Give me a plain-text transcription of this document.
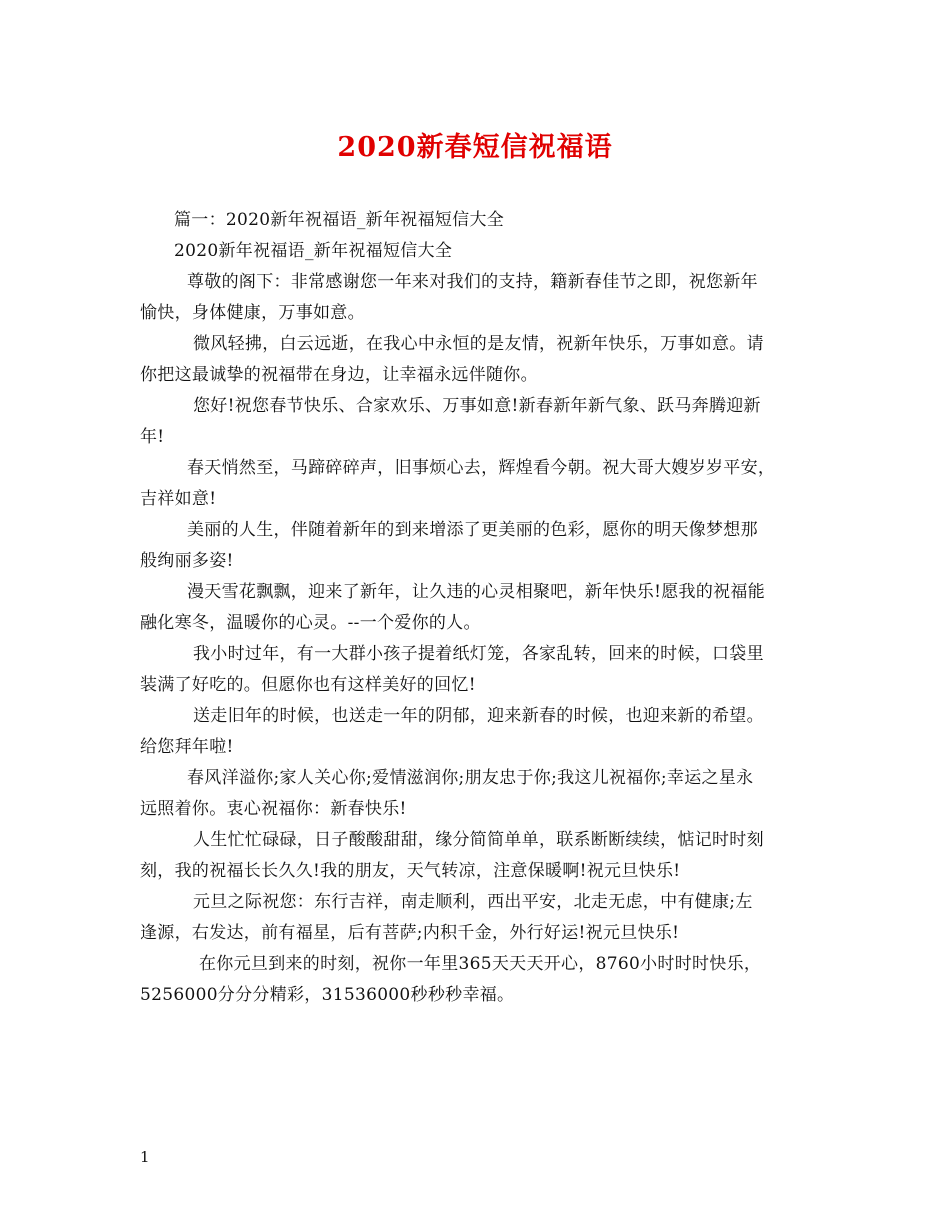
2020新春短信祝福语
篇一：2020新年祝福语_新年祝福短信大全
2020新年祝福语_新年祝福短信大全
尊敬的阁下：非常感谢您一年来对我们的支持，籍新春佳节之即，祝您新年
愉快，身体健康，万事如意。
微风轻拂，白云远逝，在我心中永恒的是友情，祝新年快乐，万事如意。请
你把这最诚挚的祝福带在身边，让幸福永远伴随你。
您好!祝您春节快乐、合家欢乐、万事如意!新春新年新气象、跃马奔腾迎新
年!
春天悄然至，马蹄碎碎声，旧事烦心去，辉煌看今朝。祝大哥大嫂岁岁平安，
吉祥如意!
美丽的人生，伴随着新年的到来增添了更美丽的色彩，愿你的明天像梦想那
般绚丽多姿!
漫天雪花飘飘，迎来了新年，让久违的心灵相聚吧，新年快乐!愿我的祝福能
融化寒冬，温暖你的心灵。--一个爱你的人。
我小时过年，有一大群小孩子提着纸灯笼，各家乱转，回来的时候，口袋里
装满了好吃的。但愿你也有这样美好的回忆!
送走旧年的时候，也送走一年的阴郁，迎来新春的时候，也迎来新的希望。
给您拜年啦!
春风洋溢你;家人关心你;爱情滋润你;朋友忠于你;我这儿祝福你;幸运之星永
远照着你。衷心祝福你：新春快乐!
人生忙忙碌碌，日子酸酸甜甜，缘分简简单单，联系断断续续，惦记时时刻
刻，我的祝福长长久久!我的朋友，天气转凉，注意保暖啊!祝元旦快乐!
元旦之际祝您：东行吉祥，南走顺利，西出平安，北走无虑，中有健康;左
逢源，右发达，前有福星，后有菩萨;内积千金，外行好运!祝元旦快乐!
在你元旦到来的时刻，祝你一年里365天天天开心，8760小时时时快乐，
5256000分分分精彩，31536000秒秒秒幸福。
1
